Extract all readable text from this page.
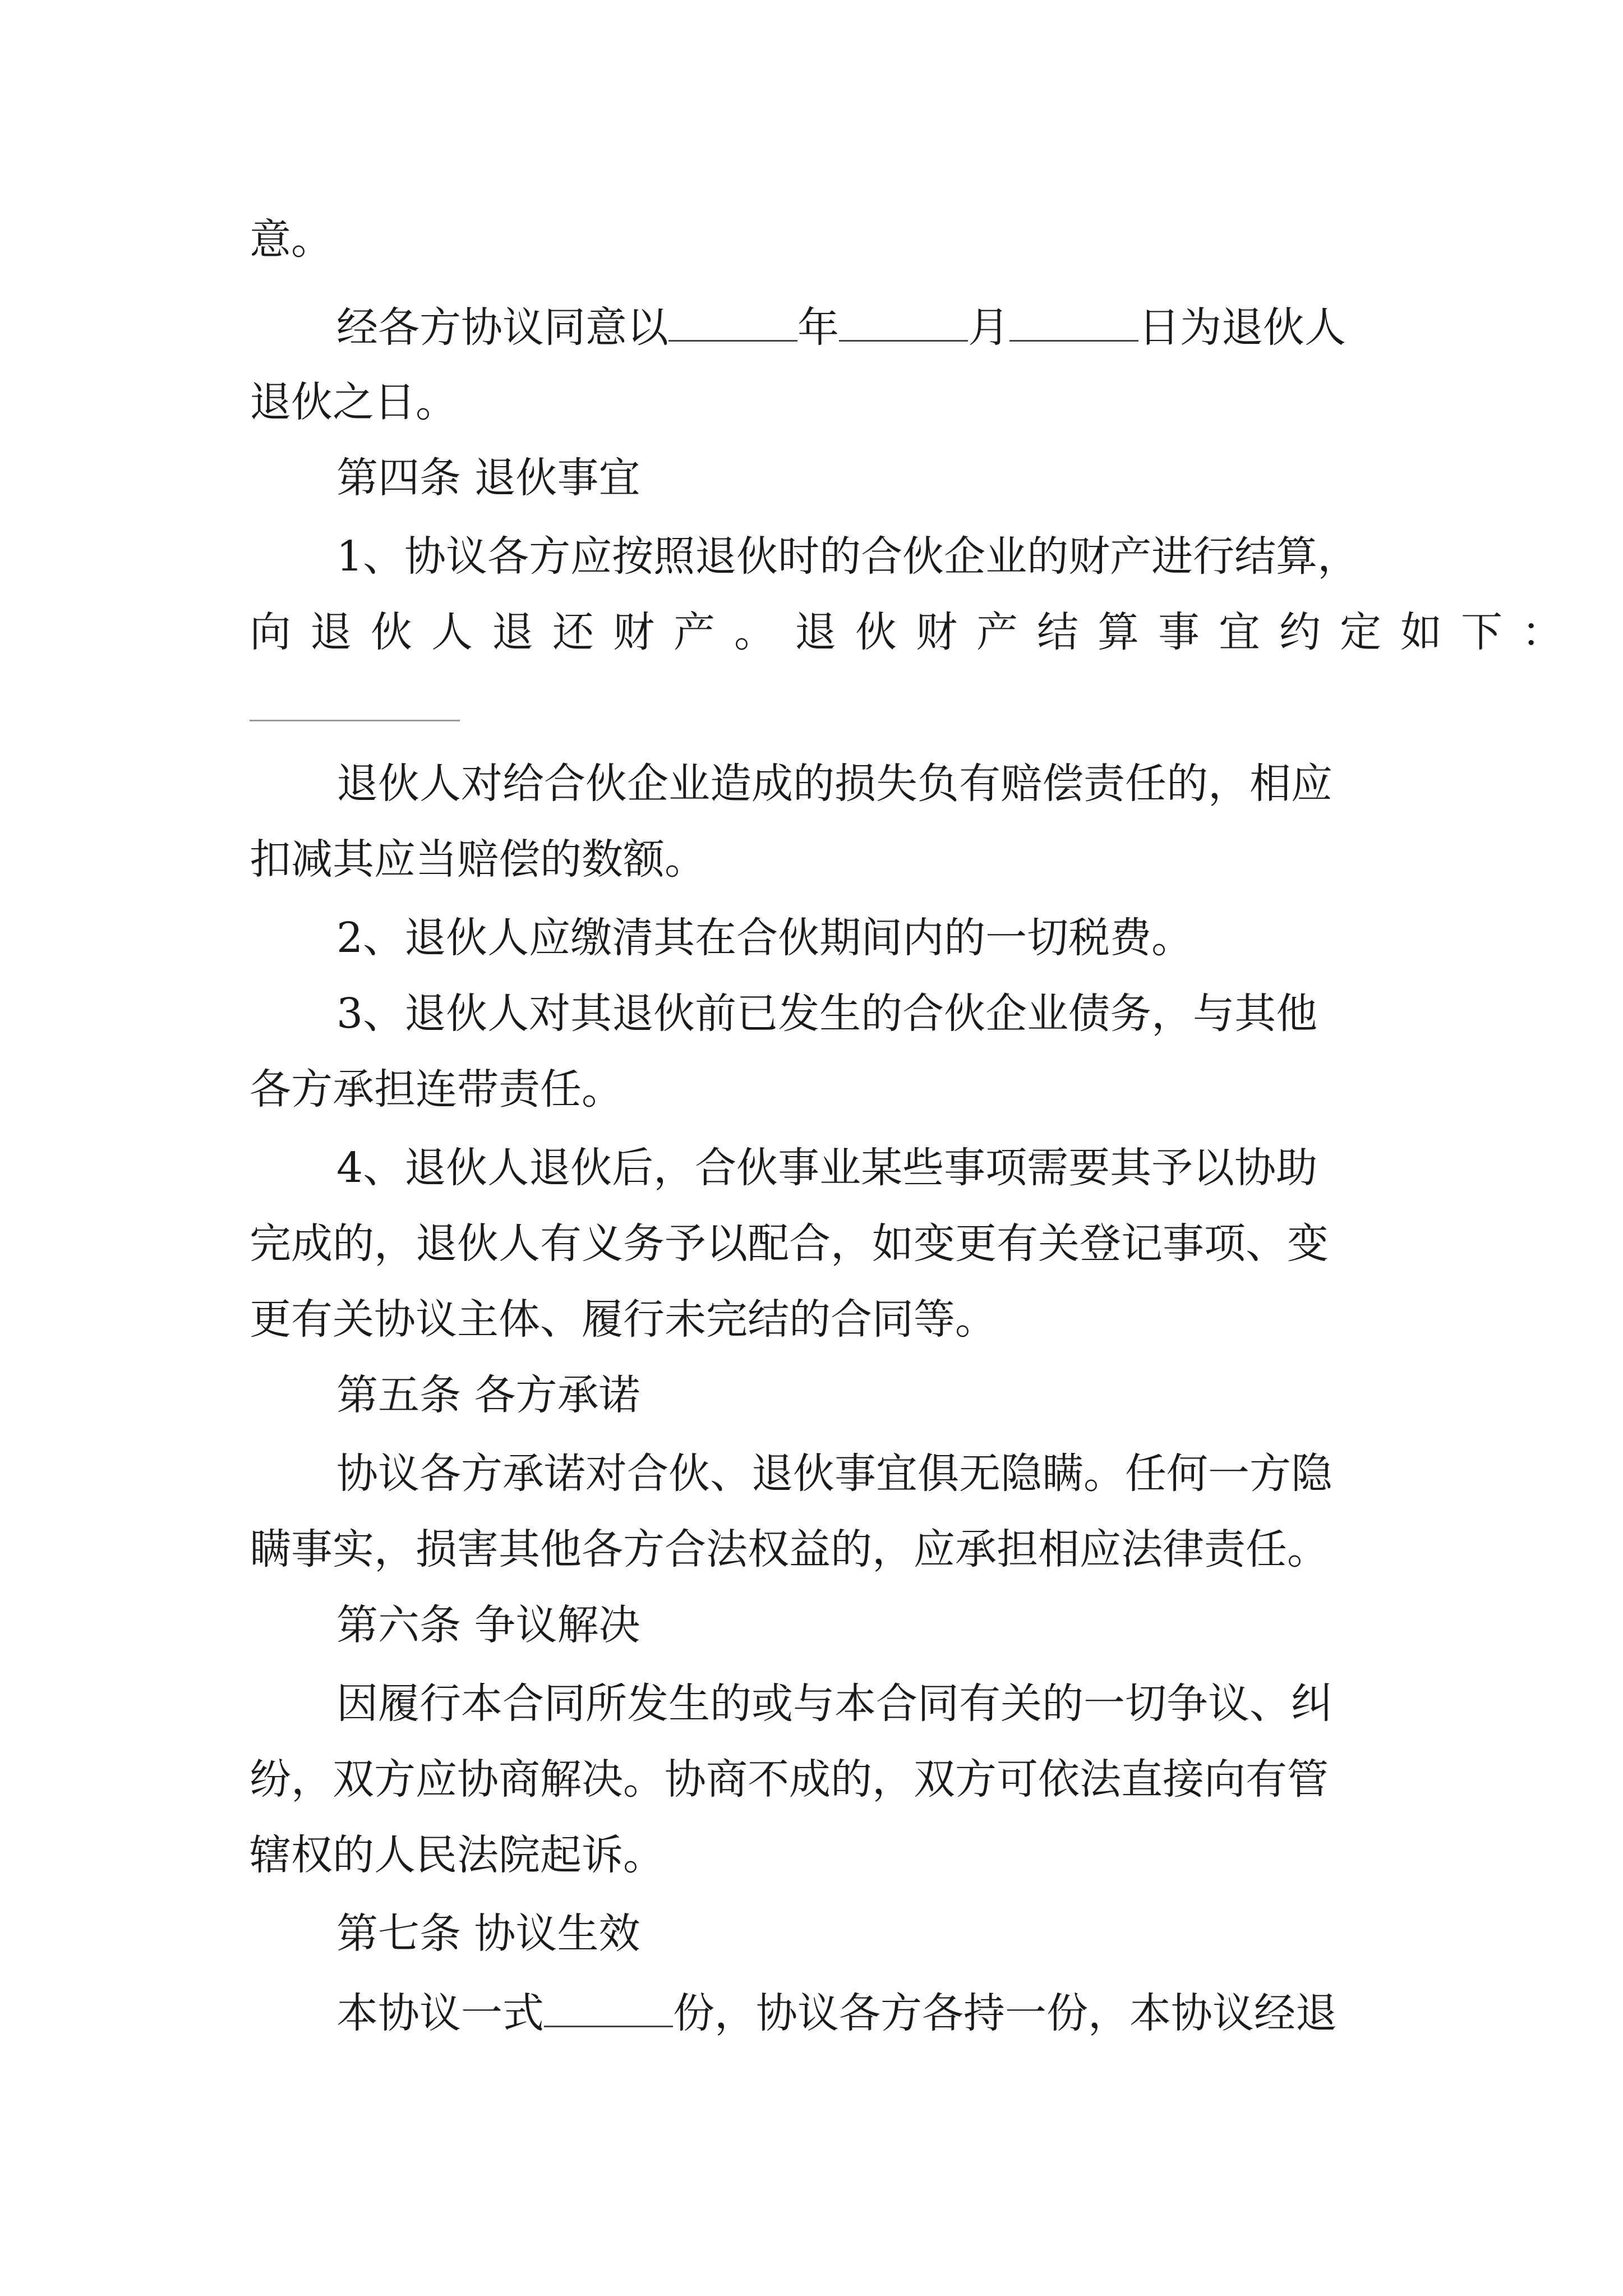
意。
经各方协议同意以	年	月	日为退伙人
退伙之日。
第四条 退伙事宜
1、协议各方应按照退伙时的合伙企业的财产进行结算，
向退伙人退还财产。退伙财产结算事宜约定如下：
退伙人对给合伙企业造成的损失负有赔偿责任的，相应
扣减其应当赔偿的数额。
2、退伙人应缴清其在合伙期间内的一切税费。
3、退伙人对其退伙前已发生的合伙企业债务，与其他
各方承担连带责任。
4、退伙人退伙后，合伙事业某些事项需要其予以协助
完成的，退伙人有义务予以配合，如变更有关登记事项、变
更有关协议主体、履行未完结的合同等。
第五条 各方承诺
协议各方承诺对合伙、退伙事宜俱无隐瞒。任何一方隐
瞒事实，损害其他各方合法权益的，应承担相应法律责任。
第六条 争议解决
因履行本合同所发生的或与本合同有关的一切争议、纠
纷，双方应协商解决。协商不成的，双方可依法直接向有管
辖权的人民法院起诉。
第七条 协议生效
本协议一式	份，协议各方各持一份，本协议经退
